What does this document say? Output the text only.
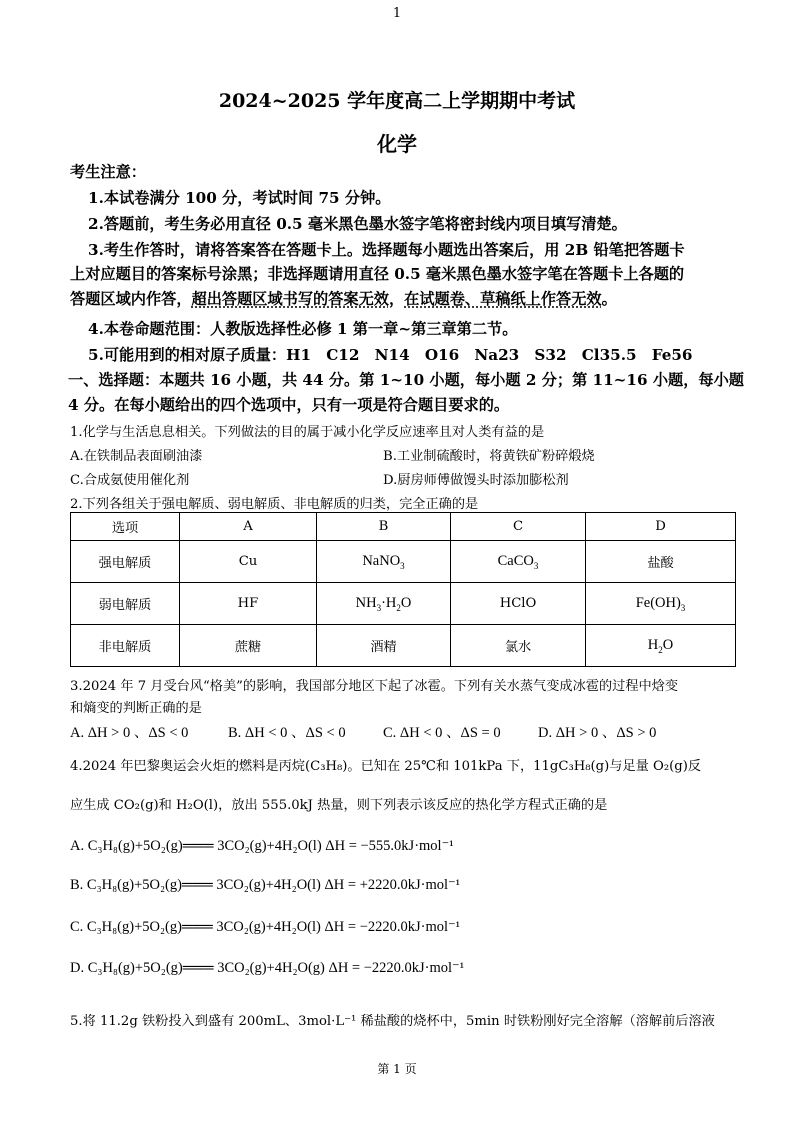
1
2024~2025 学年度高二上学期期中考试
化学
考生注意：
1.本试卷满分 100 分，考试时间 75 分钟。
2.答题前，考生务必用直径 0.5 毫米黑色墨水签字笔将密封线内项目填写清楚。
3.考生作答时，请将答案答在答题卡上。选择题每小题选出答案后，用 2B 铅笔把答题卡
上对应题目的答案标号涂黑；非选择题请用直径 0.5 毫米黑色墨水签字笔在答题卡上各题的
答题区域内作答，超出答题区域书写的答案无效，在试题卷、草稿纸上作答无效。
4.本卷命题范围：人教版选择性必修 1 第一章~第三章第二节。
5.可能用到的相对原子质量：H1　C12　N14　O16　Na23　S32　Cl35.5　Fe56
一、选择题：本题共 16 小题，共 44 分。第 1~10 小题，每小题 2 分；第 11~16 小题，每小题
4 分。在每小题给出的四个选项中，只有一项是符合题目要求的。
1.化学与生活息息相关。下列做法的目的属于减小化学反应速率且对人类有益的是
A.在铁制品表面刷油漆	B.工业制硫酸时，将黄铁矿粉碎煅烧
C.合成氨使用催化剂	D.厨房师傅做馒头时添加膨松剂
2.下列各组关于强电解质、弱电解质、非电解质的归类，完全正确的是
选项	A	B	C	D
强电解质	Cu	NaNO$_3$	CaCO$_3$	盐酸
弱电解质	HF	$NH_3\cdot H_2O$	HClO	$Fe(OH)_3$
非电解质	蔗糖	酒精	氯水	$H_2O$
3.2024 年 7 月受台风“格美”的影响，我国部分地区下起了冰雹。下列有关水蒸气变成冰雹的过程中焓变
和熵变的判断正确的是
A. ΔH > 0 、ΔS < 0	B. ΔH < 0 、ΔS < 0	C. ΔH < 0 、ΔS = 0	D. ΔH > 0 、ΔS > 0
4.2024 年巴黎奥运会火炬的燃料是丙烷(C₃H₈)。已知在 25℃和 101kPa 下，11gC₃H₈(g)与足量 O₂(g)反
应生成 CO₂(g)和 H₂O(l)，放出 555.0kJ 热量，则下列表示该反应的热化学方程式正确的是
A. C₃H₈(g)+5O₂(g)═══ 3CO₂(g)+4H₂O(l) ΔH = −555.0kJ·mol⁻¹
B. C₃H₈(g)+5O₂(g)═══ 3CO₂(g)+4H₂O(l) ΔH = +2220.0kJ·mol⁻¹
C. C₃H₈(g)+5O₂(g)═══ 3CO₂(g)+4H₂O(l) ΔH = −2220.0kJ·mol⁻¹
D. C₃H₈(g)+5O₂(g)═══ 3CO₂(g)+4H₂O(g) ΔH = −2220.0kJ·mol⁻¹
5.将 11.2g 铁粉投入到盛有 200mL、3mol·L⁻¹ 稀盐酸的烧杯中，5min 时铁粉刚好完全溶解（溶解前后溶液
第 1 页
